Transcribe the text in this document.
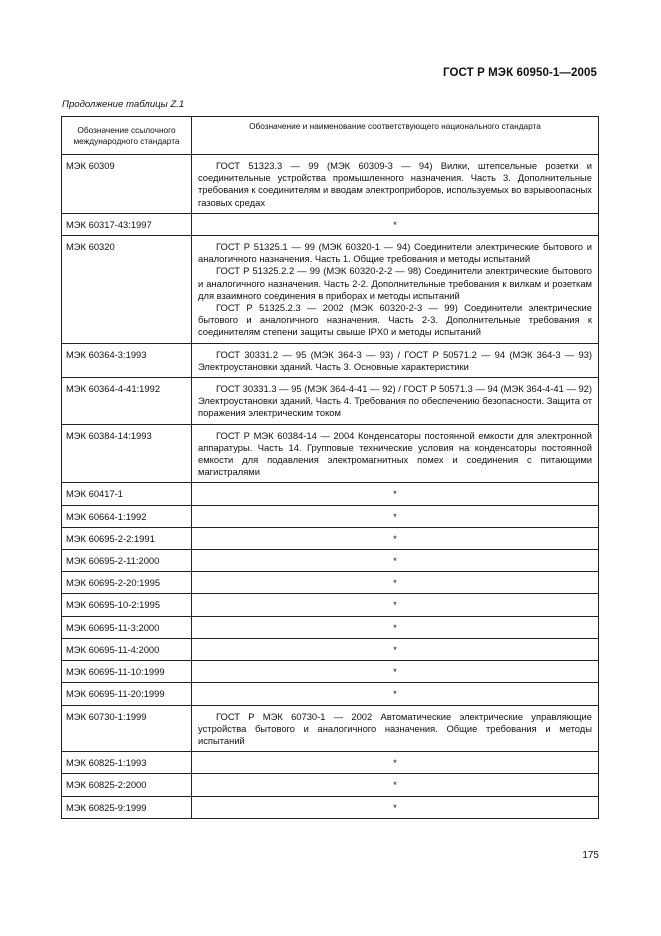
ГОСТ Р МЭК 60950-1—2005
Продолжение таблицы Z.1
Обозначение ссылочного международного стандарта	Обозначение и наименование соответствующего национального стандарта
МЭК 60309	ГОСТ 51323.3 — 99 (МЭК 60309-3 — 94) Вилки, штепсельные розетки и соединительные устройства промышленного назначения. Часть 3. Дополнительные требования к соединителям и вводам электроприборов, используемых во взрывоопасных газовых средах

МЭК 60317-43:1997	*
МЭК 60320	ГОСТ Р 51325.1 — 99 (МЭК 60320-1 — 94) Соединители электрические бытового и аналогичного назначения. Часть 1. Общие требования и методы испытаний
ГОСТ Р 51325.2.2 — 99 (МЭК 60320-2-2 — 98) Соединители электрические бытового и аналогичного назначения. Часть 2-2. Дополнительные требования к вилкам и розеткам для взаимного соединения в приборах и методы испытаний
ГОСТ Р 51325.2.3 — 2002 (МЭК 60320-2-3 — 99) Соединители электрические бытового и аналогичного назначения. Часть 2-3. Дополнительные требования к соединителям степени защиты свыше IPX0 и методы испытаний

МЭК 60364-3:1993	ГОСТ 30331.2 — 95 (МЭК 364-3 — 93) / ГОСТ Р 50571.2 — 94 (МЭК 364-3 — 93) Электроустановки зданий. Часть 3. Основные характеристики

МЭК 60364-4-41:1992	ГОСТ 30331.3 — 95 (МЭК 364-4-41 — 92) / ГОСТ Р 50571.3 — 94 (МЭК 364-4-41 — 92) Электроустановки зданий. Часть 4. Требования по обеспечению безопасности. Защита от поражения электрическим током

МЭК 60384-14:1993	ГОСТ Р МЭК 60384-14 — 2004 Конденсаторы постоянной емкости для электронной аппаратуры. Часть 14. Групповые технические условия на конденсаторы постоянной емкости для подавления электромагнитных помех и соединения с питающими магистралями

МЭК 60417-1	*
МЭК 60664-1:1992	*
МЭК 60695-2-2:1991	*
МЭК 60695-2-11:2000	*
МЭК 60695-2-20:1995	*
МЭК 60695-10-2:1995	*
МЭК 60695-11-3:2000	*
МЭК 60695-11-4:2000	*
МЭК 60695-11-10:1999	*
МЭК 60695-11-20:1999	*
МЭК 60730-1:1999	ГОСТ Р МЭК 60730-1 — 2002 Автоматические электрические управляющие устройства бытового и аналогичного назначения. Общие требования и методы испытаний

МЭК 60825-1:1993	*
МЭК 60825-2:2000	*
МЭК 60825-9:1999	*
175
